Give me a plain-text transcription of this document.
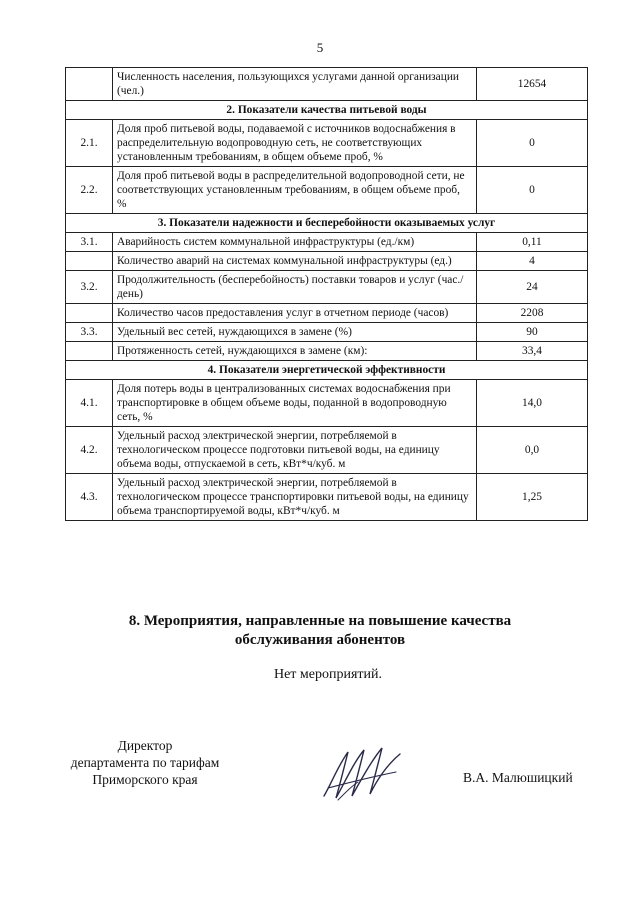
5
	Численность населения, пользующихся услугами данной организации (чел.)	12654
2. Показатели качества питьевой воды		
2.1.	Доля проб питьевой воды, подаваемой с источников водоснабжения в распределительную водопроводную сеть, не соответствующих установленным требованиям, в общем объеме проб, %	0
2.2.	Доля проб питьевой воды в распределительной водопроводной сети, не соответствующих установленным требованиям, в общем объеме проб, %	0
3. Показатели надежности и бесперебойности оказываемых услуг		
3.1.	Аварийность систем коммунальной инфраструктуры (ед./км)	0,11
	Количество аварий на системах коммунальной инфраструктуры (ед.)	4
3.2.	Продолжительность (бесперебойность) поставки товаров и услуг (час./день)	24
	Количество часов предоставления услуг в отчетном периоде (часов)	2208
3.3.	Удельный вес сетей, нуждающихся в замене (%)	90
	Протяженность сетей, нуждающихся в замене (км):	33,4
4. Показатели энергетической эффективности		
4.1.	Доля потерь воды в централизованных системах водоснабжения при транспортировке в общем объеме воды, поданной в водопроводную сеть, %	14,0
4.2.	Удельный расход электрической энергии, потребляемой в технологическом процессе подготовки питьевой воды, на единицу объема воды, отпускаемой в сеть, кВт*ч/куб. м	0,0
4.3.	Удельный расход электрической энергии, потребляемой в технологическом процессе транспортировки питьевой воды, на единицу объема транспортируемой воды, кВт*ч/куб. м	1,25
8. Мероприятия, направленные на повышение качества
обслуживания абонентов
Нет мероприятий.
Директор
департамента по тарифам
Приморского края	В.А. Малюшицкий
